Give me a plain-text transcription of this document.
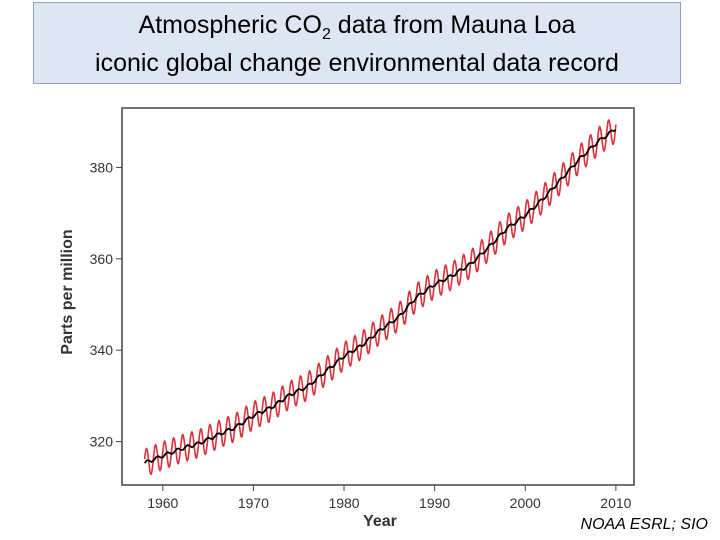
Atmospheric $CO_2$ data from Mauna Loa
iconic global change environmental data record
1960	1970	1980	1990	2000	2010
320
340
360
380
Year
Parts per million
NOAA ESRL; SIO
